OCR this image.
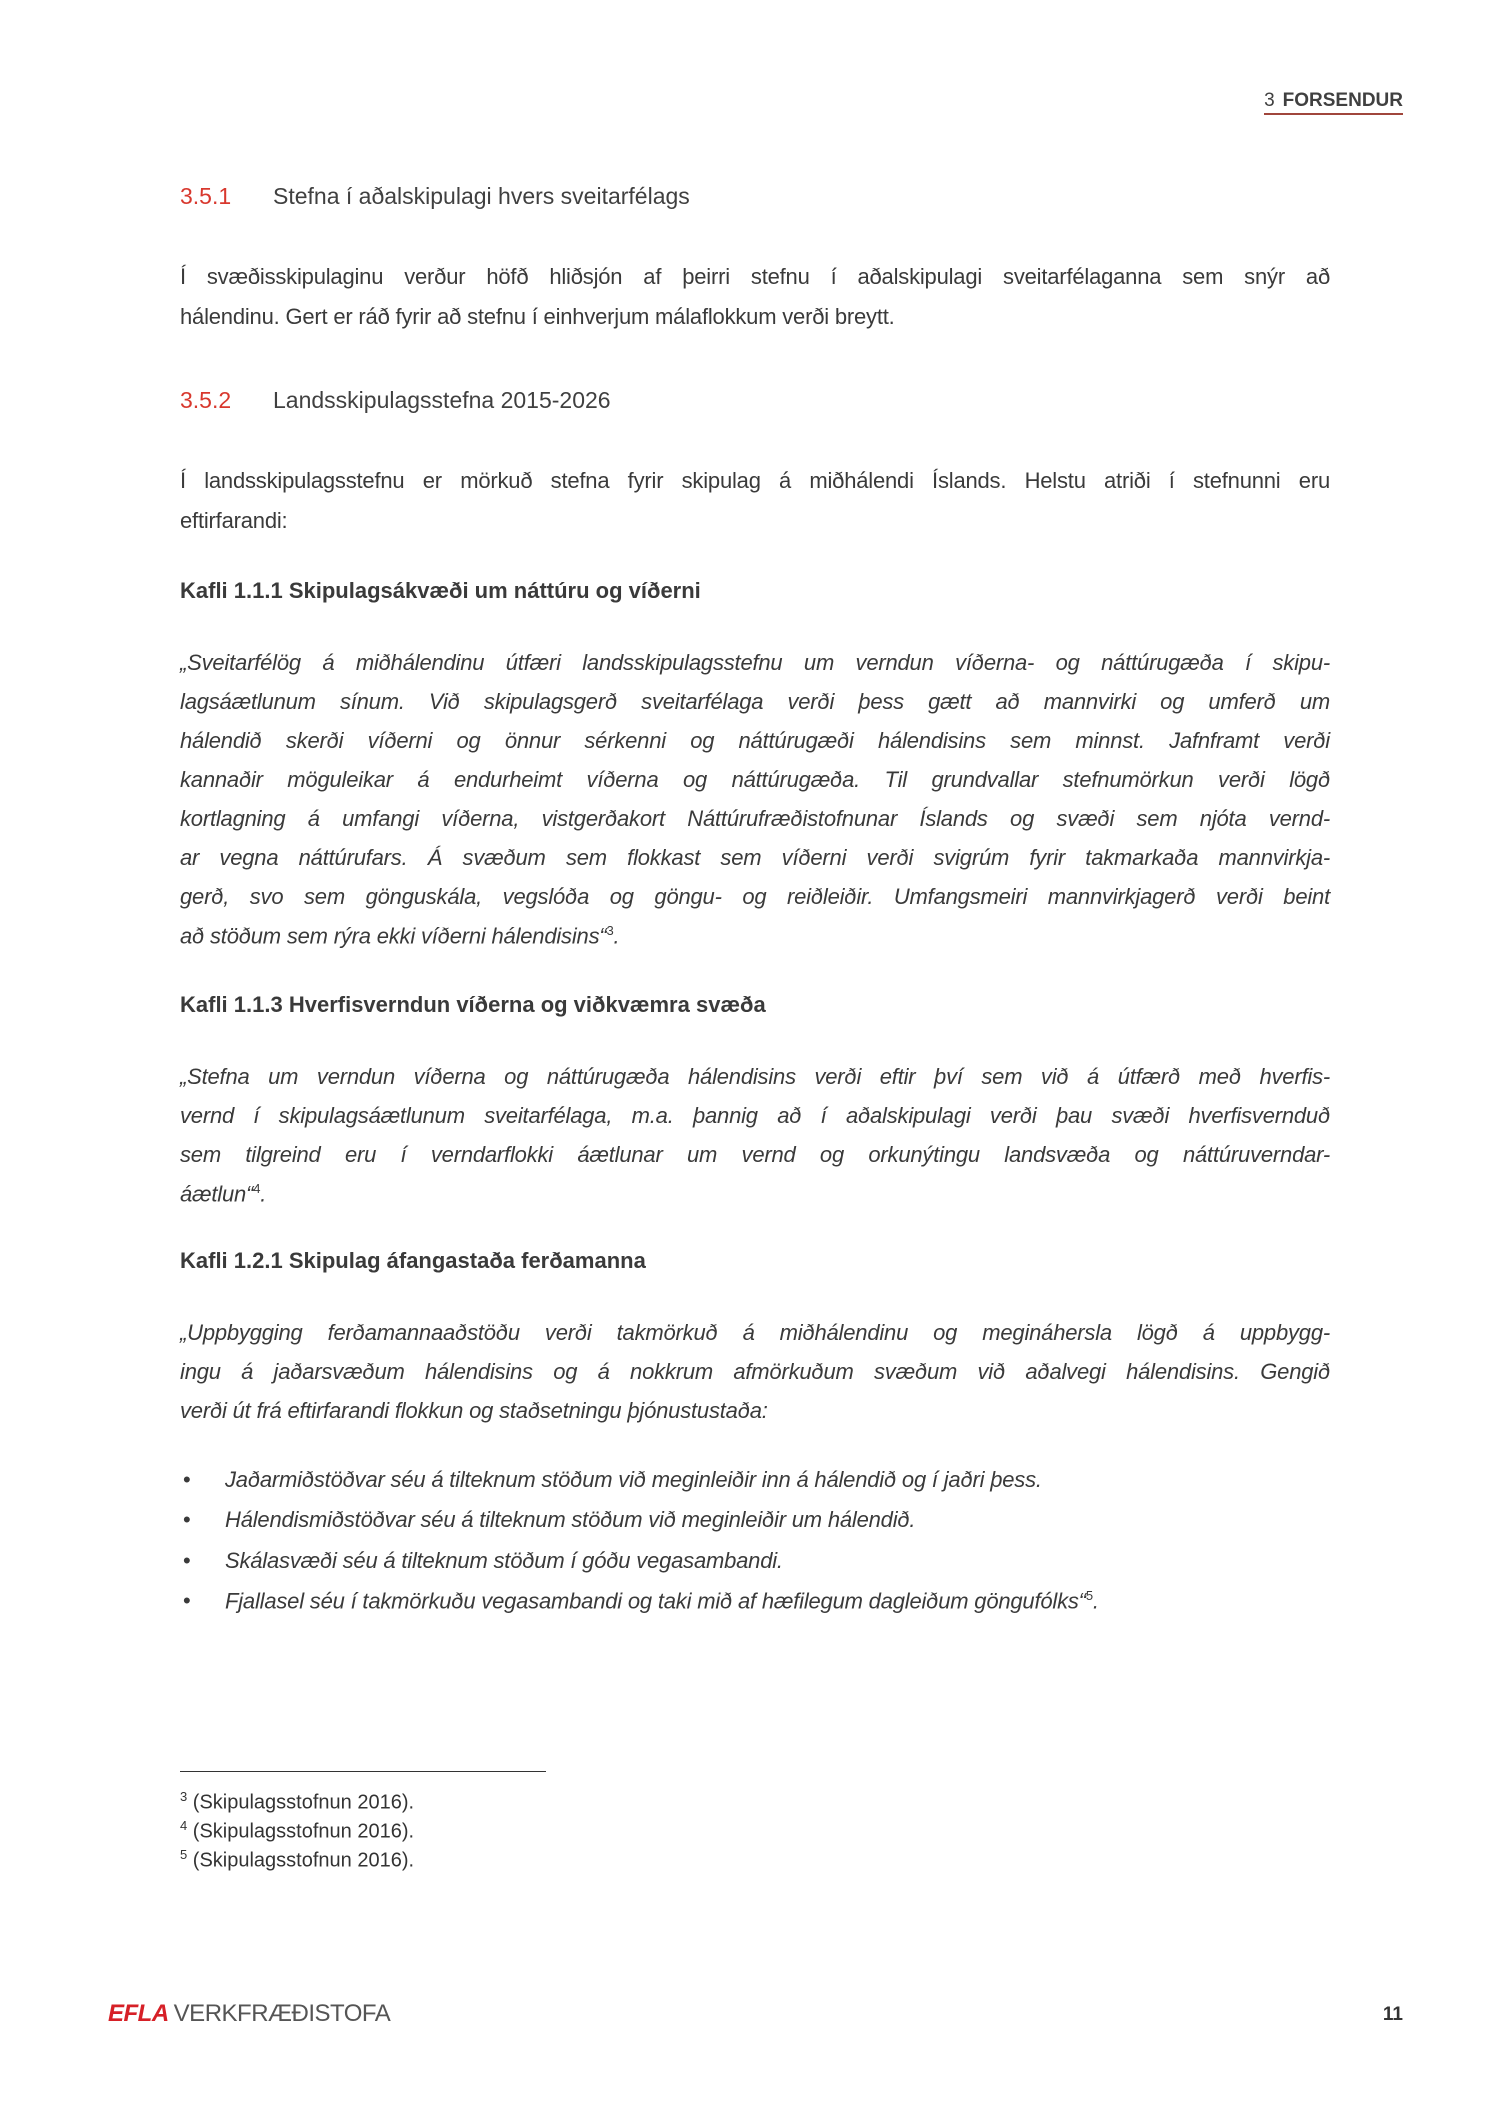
3 FORSENDUR
3.5.1 Stefna í aðalskipulagi hvers sveitarfélags
Í svæðisskipulaginu verður höfð hliðsjón af þeirri stefnu í aðalskipulagi sveitarfélaganna sem snýr að
hálendinu. Gert er ráð fyrir að stefnu í einhverjum málaflokkum verði breytt.
3.5.2 Landsskipulagsstefna 2015-2026
Í landsskipulagsstefnu er mörkuð stefna fyrir skipulag á miðhálendi Íslands. Helstu atriði í stefnunni eru
eftirfarandi:
Kafli 1.1.1 Skipulagsákvæði um náttúru og víðerni
„Sveitarfélög á miðhálendinu útfæri landsskipulagsstefnu um verndun víðerna- og náttúrugæða í skipu-
lagsáætlunum sínum. Við skipulagsgerð sveitarfélaga verði þess gætt að mannvirki og umferð um
hálendið skerði víðerni og önnur sérkenni og náttúrugæði hálendisins sem minnst. Jafnframt verði
kannaðir möguleikar á endurheimt víðerna og náttúrugæða. Til grundvallar stefnumörkun verði lögð
kortlagning á umfangi víðerna, vistgerðakort Náttúrufræðistofnunar Íslands og svæði sem njóta vernd-
ar vegna náttúrufars. Á svæðum sem flokkast sem víðerni verði svigrúm fyrir takmarkaða mannvirkja-
gerð, svo sem gönguskála, vegslóða og göngu- og reiðleiðir. Umfangsmeiri mannvirkjagerð verði beint
að stöðum sem rýra ekki víðerni hálendisins“$^3$.
Kafli 1.1.3 Hverfisverndun víðerna og viðkvæmra svæða
„Stefna um verndun víðerna og náttúrugæða hálendisins verði eftir því sem við á útfærð með hverfis-
vernd í skipulagsáætlunum sveitarfélaga, m.a. þannig að í aðalskipulagi verði þau svæði hverfisvernduð
sem tilgreind eru í verndarflokki áætlunar um vernd og orkunýtingu landsvæða og náttúruverndar-
áætlun“$^4$.
Kafli 1.2.1 Skipulag áfangastaða ferðamanna
„Uppbygging ferðamannaaðstöðu verði takmörkuð á miðhálendinu og megináhersla lögð á uppbygg-
ingu á jaðarsvæðum hálendisins og á nokkrum afmörkuðum svæðum við aðalvegi hálendisins. Gengið
verði út frá eftirfarandi flokkun og staðsetningu þjónustustaða:
• Jaðarmiðstöðvar séu á tilteknum stöðum við meginleiðir inn á hálendið og í jaðri þess.
• Hálendismiðstöðvar séu á tilteknum stöðum við meginleiðir um hálendið.
• Skálasvæði séu á tilteknum stöðum í góðu vegasambandi.
• Fjallasel séu í takmörkuðu vegasambandi og taki mið af hæfilegum dagleiðum göngufólks“$^5$.
$^3$ (Skipulagsstofnun 2016).
$^4$ (Skipulagsstofnun 2016).
$^5$ (Skipulagsstofnun 2016).
EFLA VERKFRÆÐISTOFA	11
